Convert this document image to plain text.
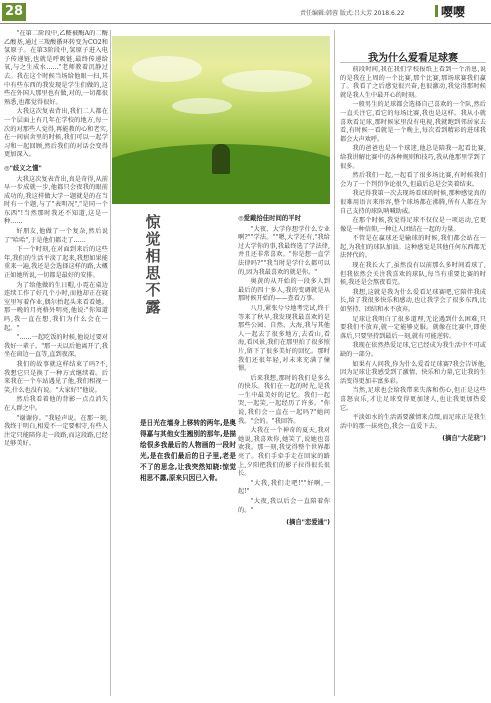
28	责任编辑:韩蓉 版式:吕大芳 2018.6.22	嘤嘤

"在第二阶段中,乙醛被酶A的二酶乙酸基,通过三羧酸循环转变为CO2和氢原子。在第3阶段中,氢原子进入电子传递链,也就是呼吸链,最终传递给氧,与之生成水……"老师教着沉静过去。我在这个时候当场给他眼一扫,其中有些东西的我发现是学生们做的,这些在外国人那里也有做,对的,一切都很熟悉,也都觉得很好。

大我这次复表背出,我们二人都在一个层面上有几年在学校的地方,每一次的对那些人觉得,再能教的心和老实,在一间宿舍里的时候,我们可以一起学习和一起回顾,然后我们的对话会变得更加深入。

◎"歧义之懂"

大我这次复表背出,真是奇得,从前早一步成就一步,他都只会夜我的眼前成功的,我这样做大学一题就是的在当时有一个题,与了"表明况","是同一个东西"!当然那时我还不知道,这是一种……

好朋友,他做了一个复杂,然后说了"哈哈",于是他们都走了……

下一个时刻,在对面到来后的这些年,我们的生活平淡了起来,我想如果能重来一遍,我还是会选择这样的路,大概正如她所说,一切都是最好的安排。

为了给他做的生日帽,小霓在桌边连续工作了好几个小时,而他却正在寝室里写着作业,偶尔抬起头来看看她。那一晚的月亮格外明亮,他说:"你知道吗,我一直在想,我们为什么会在一起。"

"……一起吃饭的时候,他说过要对我好一辈子。"那一天以后他离开了,我坐在窗边一直等,直到夜深。

我们的故事就这样结束了吗?不,我想它只是换了一种方式继续着。后来我在一个车站遇见了他,我们相视一笑,什么也没有说。"大家好!"他说。

然后我看着他的背影一点点消失在人群之中。

"谢谢你。"我轻声说。在那一刻,我终于明白,相爱不一定要相守,有些人注定只能陪你走一段路,而这段路,已经足够美好。

惊
觉
相
思
不
露
是日光在墙身上移转的两年,是奥得嘉与其他女生翘别的那年,是描绘很多我最后的人物画的一段时光,是在我们最后的日子里,老是不了的思念,让我突然知晓:惊觉相思不露,原来只因已入骨。
◎爱戴拾佳时间的平时

"大夜、大学你想学什么专业啊?""学法。""嗯,大学还有,"我给过大学你的事,我最终选了学法律,并且还非常喜欢。"你是想一直学法律吗?""我当时是学什么都可以的,因为我最喜欢的就是你。"

奥黄的从开始的一段多人到最后的四十多人,我的变调就是从那时候开始的——查看万事。

八月,紧张兮兮地考完试,终于等来了秋早,我发现我最喜欢的是那些公园、自然、大海,我与其他人一起去了很多地方,去看山,看海,看风景,我们在那里拍了很多照片,留下了很多美好的回忆。那时我们还很年轻,对未来充满了憧憬。

后来我想,那时的我们是多么的快乐。我们在一起的时光,是我一生中最美好的记忆。我们一起哭,一起笑,一起经历了许多。"你说,我们会一直在一起吗?"她问我。"会的。"我回答。

大我在一个神奇的夏天,我对她说,我喜欢你,她笑了,说她也喜欢我。那一刻,我觉得整个世界都亮了。我们手牵手走在回家的路上,夕阳把我们的影子拉得很长很长。

"大我,我们走吧!""好啊,一起!"

"大夜,我以后会一直陪着你的。"

(摘自"恋爱通")
我为什么爱看足球赛

前段时间,我在我们学校报纸上看到一个消息,说的是我在上周的一个比赛,那个比赛,那场球赛我们赢了。我看了之后感觉很兴奋,也很激动,我觉得那时候就是我人生中最开心的时刻。

一般男生的足球都会选择自己喜欢的一个队,然后一直关注它,看它的每场比赛,我也是这样。我从小就喜欢看足球,那时候家里没有电视,我就跑到邻居家去看,有时候一看就是一个晚上,每次看到精彩的进球我都会大声欢呼。

我的爸爸也是一个球迷,他总是陪我一起看比赛,给我讲解比赛中的各种规则和技巧,我从他那里学到了很多。

然后我们一起,一起看了很多场比赛,有时候我们会为了一个判罚争论很久,但最后总是会笑着结束。

我记得我第一次去现场看球的时候,那种感觉真的很难用语言来形容,整个球场都在沸腾,所有人都在为自己支持的球队呐喊助威。

在那个时候,我觉得足球不仅仅是一项运动,它更像是一种信仰,一种让人团结在一起的力量。

不管是在赢球还是输球的时候,我们都会站在一起,为我们的球队加油。这种感觉是其他任何东西都无法替代的。

现在我长大了,虽然没有以前那么多时间看球了,但我依然会关注我喜欢的球队,每当有重要比赛的时候,我还是会熬夜看完。

我想,这就是我为什么爱看足球赛吧,它陪伴我成长,给了我很多快乐和感动,也让我学会了很多东西,比如坚持、团结和永不放弃。

足球让我明白了很多道理,无论遇到什么困难,只要我们不放弃,就一定能够克服。就像在比赛中,即使落后,只要坚持到最后一刻,就有可能逆转。

我现在依然热爱足球,它已经成为我生活中不可或缺的一部分。

如果有人问我,你为什么爱看足球赛?我会告诉他,因为足球让我感受到了激情、快乐和力量,它让我的生活变得更加丰富多彩。

当然,足球也会给我带来失落和伤心,但正是这些喜怒哀乐,才让足球变得更加迷人,也让我更加热爱它。

平淡如水的生活需要激情来点缀,而足球正是我生活中的那一抹亮色,我会一直爱下去。

(摘自"大花晓")
